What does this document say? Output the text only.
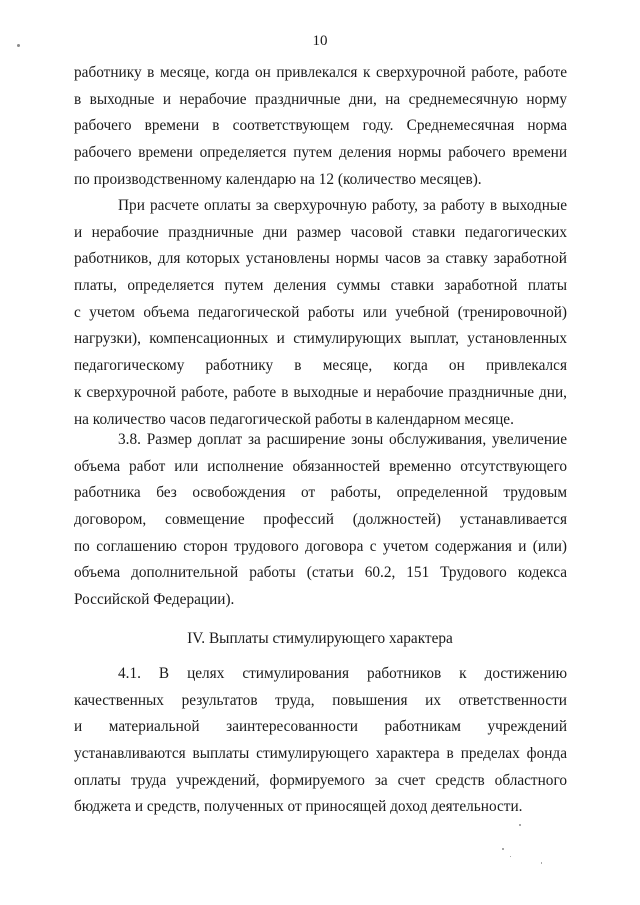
10
работнику в месяце, когда он привлекался к сверхурочной работе, работе
в выходные и нерабочие праздничные дни, на среднемесячную норму
рабочего времени в соответствующем году. Среднемесячная норма
рабочего времени определяется путем деления нормы рабочего времени
по производственному календарю на 12 (количество месяцев).
При расчете оплаты за сверхурочную работу, за работу в выходные
и нерабочие праздничные дни размер часовой ставки педагогических
работников, для которых установлены нормы часов за ставку заработной
платы, определяется путем деления суммы ставки заработной платы
с учетом объема педагогической работы или учебной (тренировочной)
нагрузки), компенсационных и стимулирующих выплат, установленных
педагогическому работнику в месяце, когда он привлекался
к сверхурочной работе, работе в выходные и нерабочие праздничные дни,
на количество часов педагогической работы в календарном месяце.
3.8. Размер доплат за расширение зоны обслуживания, увеличение
объема работ или исполнение обязанностей временно отсутствующего
работника без освобождения от работы, определенной трудовым
договором, совмещение профессий (должностей) устанавливается
по соглашению сторон трудового договора с учетом содержания и (или)
объема дополнительной работы (статьи 60.2, 151 Трудового кодекса
Российской Федерации).
IV. Выплаты стимулирующего характера
4.1. В целях стимулирования работников к достижению
качественных результатов труда, повышения их ответственности
и материальной заинтересованности работникам учреждений
устанавливаются выплаты стимулирующего характера в пределах фонда
оплаты труда учреждений, формируемого за счет средств областного
бюджета и средств, полученных от приносящей доход деятельности.
